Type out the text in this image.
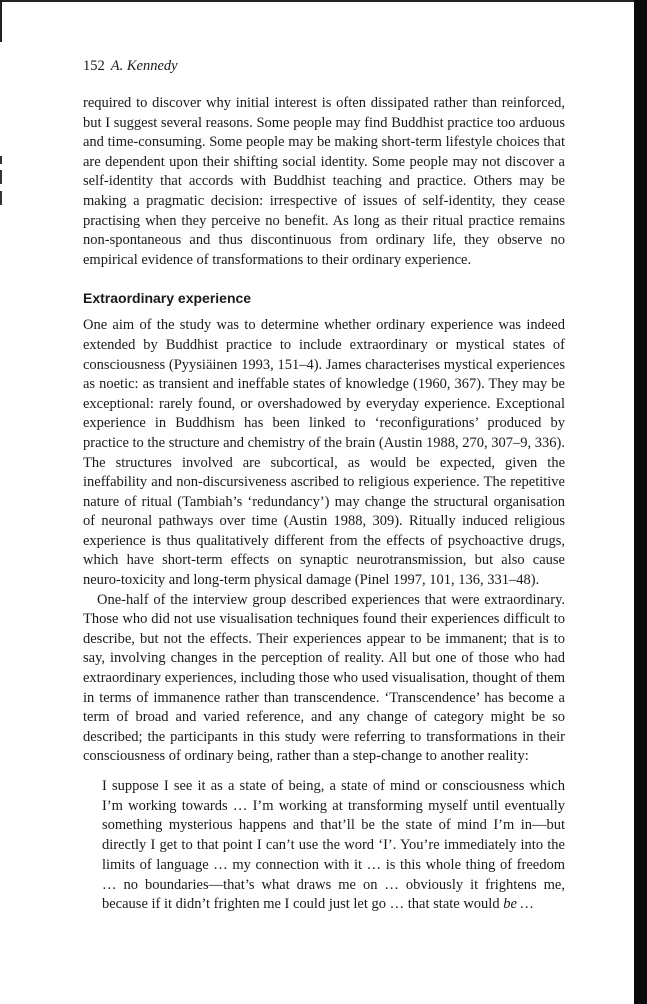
152 A. Kennedy

required to discover why initial interest is often dissipated rather than reinforced, but I suggest several reasons. Some people may find Buddhist practice too arduous and time-consuming. Some people may be making short-term lifestyle choices that are dependent upon their shifting social identity. Some people may not discover a self-identity that accords with Buddhist teaching and practice. Others may be making a pragmatic decision: irrespective of issues of self-identity, they cease practising when they perceive no benefit. As long as their ritual practice remains non-spontaneous and thus discontinuous from ordinary life, they observe no empirical evidence of transformations to their ordinary experience.

Extraordinary experience

One aim of the study was to determine whether ordinary experience was indeed extended by Buddhist practice to include extraordinary or mystical states of consciousness (Pyysiäinen 1993, 151–4). James characterises mystical experiences as noetic: as transient and ineffable states of knowledge (1960, 367). They may be exceptional: rarely found, or overshadowed by everyday experience. Exceptional experience in Buddhism has been linked to ‘reconfigurations’ produced by practice to the structure and chemistry of the brain (Austin 1988, 270, 307–9, 336). The structures involved are subcortical, as would be expected, given the ineffability and non-discursiveness ascribed to religious experience. The repetitive nature of ritual (Tambiah’s ‘redundancy’) may change the structural organisation of neuronal pathways over time (Austin 1988, 309). Ritually induced religious experience is thus qualitatively different from the effects of psychoactive drugs, which have short-term effects on synaptic neurotransmission, but also cause neuro-toxicity and long-term physical damage (Pinel 1997, 101, 136, 331–48).

One-half of the interview group described experiences that were extraordinary. Those who did not use visualisation techniques found their experiences difficult to describe, but not the effects. Their experiences appear to be immanent; that is to say, involving changes in the perception of reality. All but one of those who had extraordinary experiences, including those who used visualisation, thought of them in terms of immanence rather than transcendence. ‘Transcendence’ has become a term of broad and varied reference, and any change of category might be so described; the participants in this study were referring to transformations in their consciousness of ordinary being, rather than a step-change to another reality:

I suppose I see it as a state of being, a state of mind or consciousness which I’m working towards … I’m working at transforming myself until eventually something mysterious happens and that’ll be the state of mind I’m in—but directly I get to that point I can’t use the word ‘I’. You’re immediately into the limits of language … my connection with it … is this whole thing of freedom … no boundaries—that’s what draws me on … obviously it frightens me, because if it didn’t frighten me I could just let go … that state would be …
